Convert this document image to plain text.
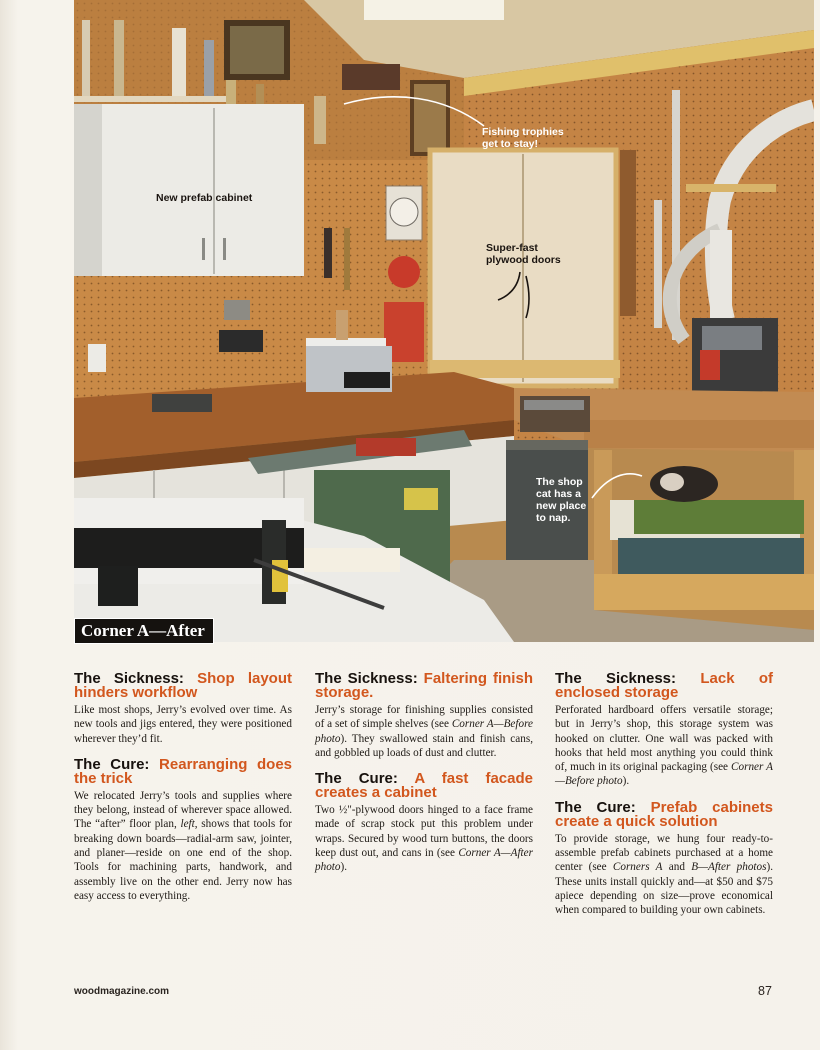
Fishing trophies get to stay!
New prefab cabinet
Super-fast plywood doors
The shop cat has a new place to nap.
Corner A—After
The Sickness: Shop layout hinders workflow

Like most shops, Jerry’s evolved over time. As new tools and jigs entered, they were positioned wherever they’d fit.

The Cure: Rearranging does the trick

We relocated Jerry’s tools and supplies where they belong, instead of wherever space allowed. The “after” floor plan, left, shows that tools for breaking down boards—radial-arm saw, jointer, and planer—reside on one end of the shop. Tools for machining parts, handwork, and assembly live on the other end. Jerry now has easy access to everything.

The Sickness: Faltering finish storage.

Jerry’s storage for finishing supplies consisted of a set of simple shelves (see Corner A—Before photo). They swallowed stain and finish cans, and gobbled up loads of dust and clutter.

The Cure: A fast facade creates a cabinet

Two ½"-plywood doors hinged to a face frame made of scrap stock put this problem under wraps. Secured by wood turn buttons, the doors keep dust out, and cans in (see Corner A—After photo).

The Sickness: Lack of enclosed storage

Perforated hardboard offers versatile storage; but in Jerry’s shop, this storage system was hooked on clutter. One wall was packed with hooks that held most anything you could think of, much in its original packaging (see Corner A—Before photo).

The Cure: Prefab cabinets create a quick solution

To provide storage, we hung four ready-to-assemble prefab cabinets purchased at a home center (see Corners A and B—After photos). These units install quickly and—at $50 and $75 apiece depending on size—prove economical when compared to building your own cabinets.

woodmagazine.com	87
